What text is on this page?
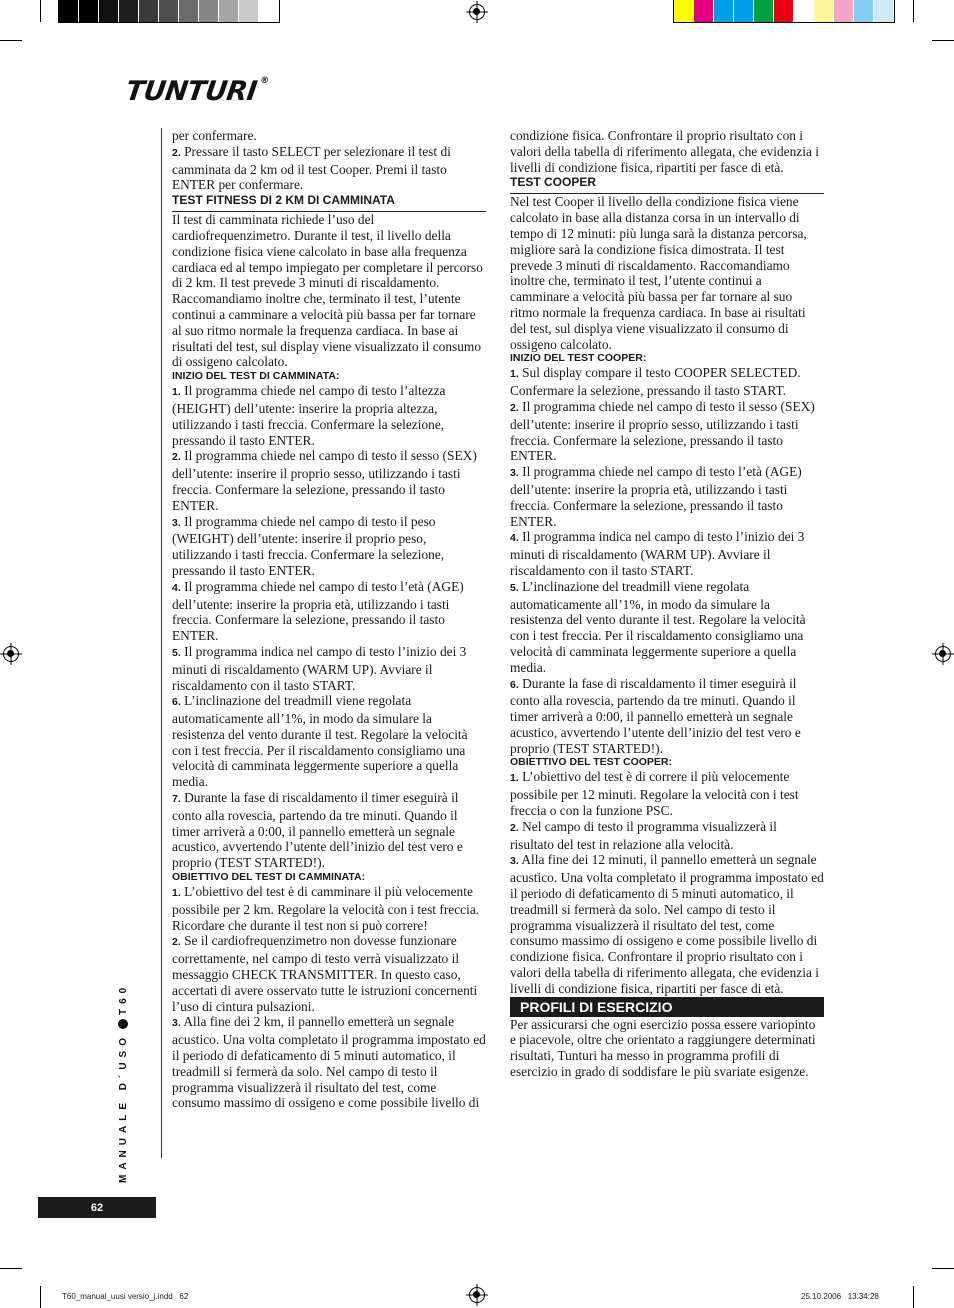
TUNTURI®
MANUALE D´USOT60
62

per confermare.

2. Pressare il tasto SELECT per selezionare il test di camminata da 2 km od il test Cooper. Premi il tasto ENTER per confermare.

TEST FITNESS DI 2 KM DI CAMMINATA

Il test di camminata richiede l’uso del cardiofrequenzimetro. Durante il test, il livello della condizione fisica viene calcolato in base alla frequenza cardiaca ed al tempo impiegato per completare il percorso di 2 km. Il test prevede 3 minuti di riscaldamento. Raccomandiamo inoltre che, terminato il test, l’utente continui a camminare a velocità più bassa per far tornare al suo ritmo normale la frequenza cardiaca. In base ai risultati del test, sul display viene visualizzato il consumo di ossigeno calcolato.

INIZIO DEL TEST DI CAMMINATA:

1. Il programma chiede nel campo di testo l’altezza (HEIGHT) dell’utente: inserire la propria altezza, utilizzando i tasti freccia. Confermare la selezione, pressando il tasto ENTER.

2. Il programma chiede nel campo di testo il sesso (SEX) dell’utente: inserire il proprio sesso, utilizzando i tasti freccia. Confermare la selezione, pressando il tasto ENTER.

3. Il programma chiede nel campo di testo il peso (WEIGHT) dell’utente: inserire il proprio peso, utilizzando i tasti freccia. Confermare la selezione, pressando il tasto ENTER.

4. Il programma chiede nel campo di testo l’età (AGE) dell’utente: inserire la propria età, utilizzando i tasti freccia. Confermare la selezione, pressando il tasto ENTER.

5. Il programma indica nel campo di testo l’inizio dei 3 minuti di riscaldamento (WARM UP). Avviare il riscaldamento con il tasto START.

6. L’inclinazione del treadmill viene regolata automaticamente all’1%, in modo da simulare la resistenza del vento durante il test. Regolare la velocità con i test freccia. Per il riscaldamento consigliamo una velocità di camminata leggermente superiore a quella media.

7. Durante la fase di riscaldamento il timer eseguirà il conto alla rovescia, partendo da tre minuti. Quando il timer arriverà a 0:00, il pannello emetterà un segnale acustico, avvertendo l’utente dell’inizio del test vero e proprio (TEST STARTED!).

OBIETTIVO DEL TEST DI CAMMINATA:

1. L’obiettivo del test è di camminare il più velocemente possibile per 2 km. Regolare la velocità con i test freccia. Ricordare che durante il test non si può correre!

2. Se il cardiofrequenzimetro non dovesse funzionare correttamente, nel campo di testo verrà visualizzato il messaggio CHECK TRANSMITTER. In questo caso, accertati di avere osservato tutte le istruzioni concernenti l’uso di cintura pulsazioni.

3. Alla fine dei 2 km, il pannello emetterà un segnale acustico. Una volta completato il programma impostato ed il periodo di defaticamento di 5 minuti automatico, il treadmill si fermerà da solo. Nel campo di testo il programma visualizzerà il risultato del test, come consumo massimo di ossigeno e come possibile livello di

condizione fisica. Confrontare il proprio risultato con i valori della tabella di riferimento allegata, che evidenzia i livelli di condizione fisica, ripartiti per fasce di età.

TEST COOPER

Nel test Cooper il livello della condizione fisica viene calcolato in base alla distanza corsa in un intervallo di tempo di 12 minuti: più lunga sarà la distanza percorsa, migliore sarà la condizione fisica dimostrata. Il test prevede 3 minuti di riscaldamento. Raccomandiamo inoltre che, terminato il test, l’utente continui a camminare a velocità più bassa per far tornare al suo ritmo normale la frequenza cardiaca. In base ai risultati del test, sul displya viene visualizzato il consumo di ossigeno calcolato.

INIZIO DEL TEST COOPER:

1. Sul display compare il testo COOPER SELECTED. Confermare la selezione, pressando il tasto START.

2. Il programma chiede nel campo di testo il sesso (SEX) dell’utente: inserire il proprio sesso, utilizzando i tasti freccia. Confermare la selezione, pressando il tasto ENTER.

3. Il programma chiede nel campo di testo l’età (AGE) dell’utente: inserire la propria età, utilizzando i tasti freccia. Confermare la selezione, pressando il tasto ENTER.

4. Il programma indica nel campo di testo l’inizio dei 3 minuti di riscaldamento (WARM UP). Avviare il riscaldamento con il tasto START.

5. L’inclinazione del treadmill viene regolata automaticamente all’1%, in modo da simulare la resistenza del vento durante il test. Regolare la velocità con i test freccia. Per il riscaldamento consigliamo una velocità di camminata leggermente superiore a quella media.

6. Durante la fase di riscaldamento il timer eseguirà il conto alla rovescia, partendo da tre minuti. Quando il timer arriverà a 0:00, il pannello emetterà un segnale acustico, avvertendo l’utente dell’inizio del test vero e proprio (TEST STARTED!).

OBIETTIVO DEL TEST COOPER:

1. L’obiettivo del test è di correre il più velocemente possibile per 12 minuti. Regolare la velocità con i test freccia o con la funzione PSC.

2. Nel campo di testo il programma visualizzerà il risultato del test in relazione alla velocità.

3. Alla fine dei 12 minuti, il pannello emetterà un segnale acustico. Una volta completato il programma impostato ed il periodo di defaticamento di 5 minuti automatico, il treadmill si fermerà da solo. Nel campo di testo il programma visualizzerà il risultato del test, come consumo massimo di ossigeno e come possibile livello di condizione fisica. Confrontare il proprio risultato con i valori della tabella di riferimento allegata, che evidenzia i livelli di condizione fisica, ripartiti per fasce di età.

PROFILI DI ESERCIZIO

Per assicurarsi che ogni esercizio possa essere variopinto e piacevole, oltre che orientato a raggiungere determinati risultati, Tunturi ha messo in programma profili di esercizio in grado di soddisfare le più svariate esigenze.

T60_manual_uusi versio_j.indd   62	25.10.2006   13:34:28
